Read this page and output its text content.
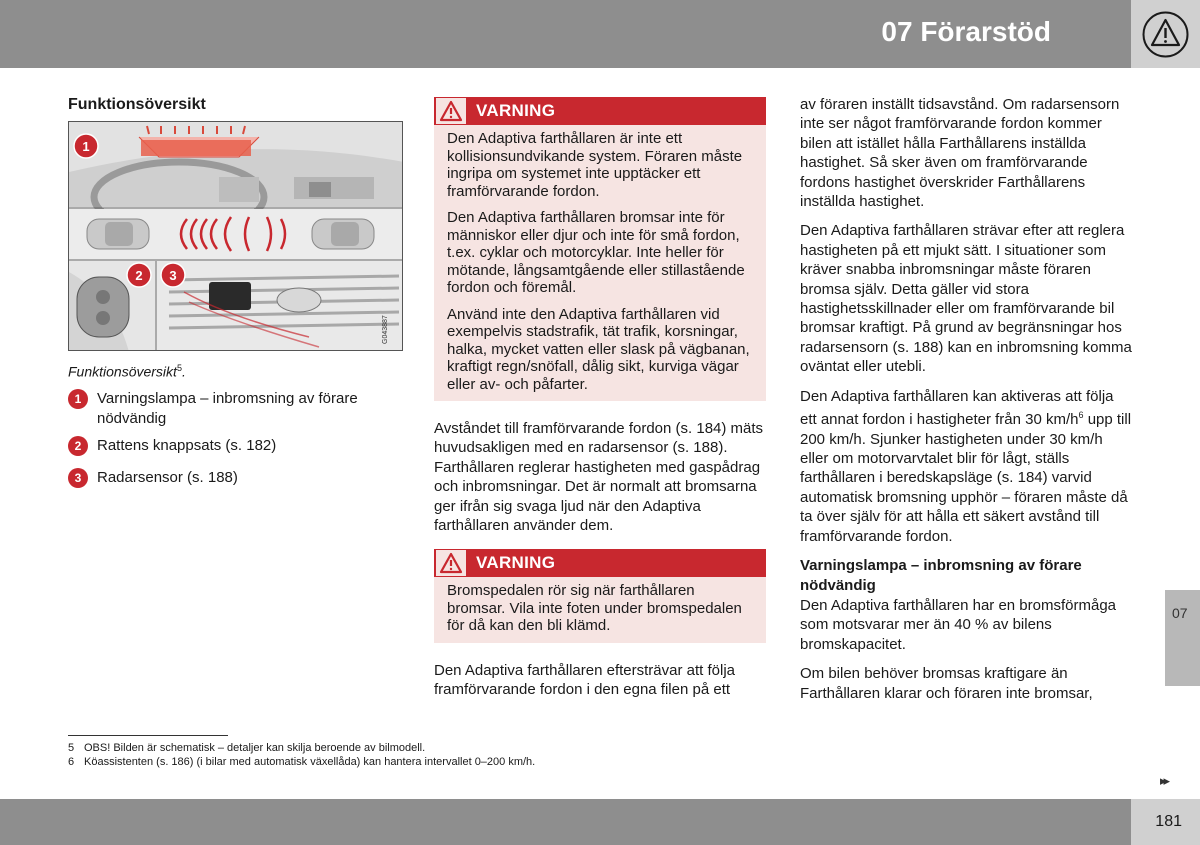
07 Förarstöd
Funktionsöversikt
G043887
1
2 3
Funktionsöversikt$^5$.
1	Varningslampa – inbromsning av förare nödvändig
2	Rattens knappsats (s. 182)
3	Radarsensor (s. 188)
VARNING

Den Adaptiva farthållaren är inte ett kollisionsundvikande system. Föraren måste ingripa om systemet inte upptäcker ett framförvarande fordon.

Den Adaptiva farthållaren bromsar inte för människor eller djur och inte för små fordon, t.ex. cyklar och motorcyklar. Inte heller för mötande, långsamtgående eller stillastående fordon och föremål.

Använd inte den Adaptiva farthållaren vid exempelvis stadstrafik, tät trafik, korsningar, halka, mycket vatten eller slask på vägbanan, kraftigt regn/snöfall, dålig sikt, kurviga vägar eller av- och påfarter.

Avståndet till framförvarande fordon (s. 184) mäts huvudsakligen med en radarsensor (s. 188). Farthållaren reglerar hastigheten med gaspådrag och inbromsningar. Det är normalt att bromsarna ger ifrån sig svaga ljud när den Adaptiva farthållaren använder dem.

VARNING

Bromspedalen rör sig när farthållaren bromsar. Vila inte foten under bromspedalen för då kan den bli klämd.

Den Adaptiva farthållaren eftersträvar att följa framförvarande fordon i den egna filen på ett

av föraren inställt tidsavstånd. Om radarsensorn inte ser något framförvarande fordon kommer bilen att istället hålla Farthållarens inställda hastighet. Så sker även om framförvarande fordons hastighet överskrider Farthållarens inställda hastighet.

Den Adaptiva farthållaren strävar efter att reglera hastigheten på ett mjukt sätt. I situationer som kräver snabba inbromsningar måste föraren bromsa själv. Detta gäller vid stora hastighetsskillnader eller om framförvarande bil bromsar kraftigt. På grund av begränsningar hos radarsensorn (s. 188) kan en inbromsning komma oväntat eller utebli.

Den Adaptiva farthållaren kan aktiveras att följa ett annat fordon i hastigheter från 30 $km/h^6$ upp till 200 km/h. Sjunker hastigheten under 30 km/h eller om motorvarvtalet blir för lågt, ställs farthållaren i beredskapsläge (s. 184) varvid automatisk bromsning upphör – föraren måste då ta över själv för att hålla ett säkert avstånd till framförvarande fordon.

Varningslampa – inbromsning av förare nödvändig

Den Adaptiva farthållaren har en bromsförmåga som motsvarar mer än 40 % av bilens bromskapacitet.

Om bilen behöver bromsas kraftigare än Farthållaren klarar och föraren inte bromsar,

07
5 OBS! Bilden är schematisk – detaljer kan skilja beroende av bilmodell.
6 Köassistenten (s. 186) (i bilar med automatisk växellåda) kan hantera intervallet 0–200 km/h.
▸▸
181
